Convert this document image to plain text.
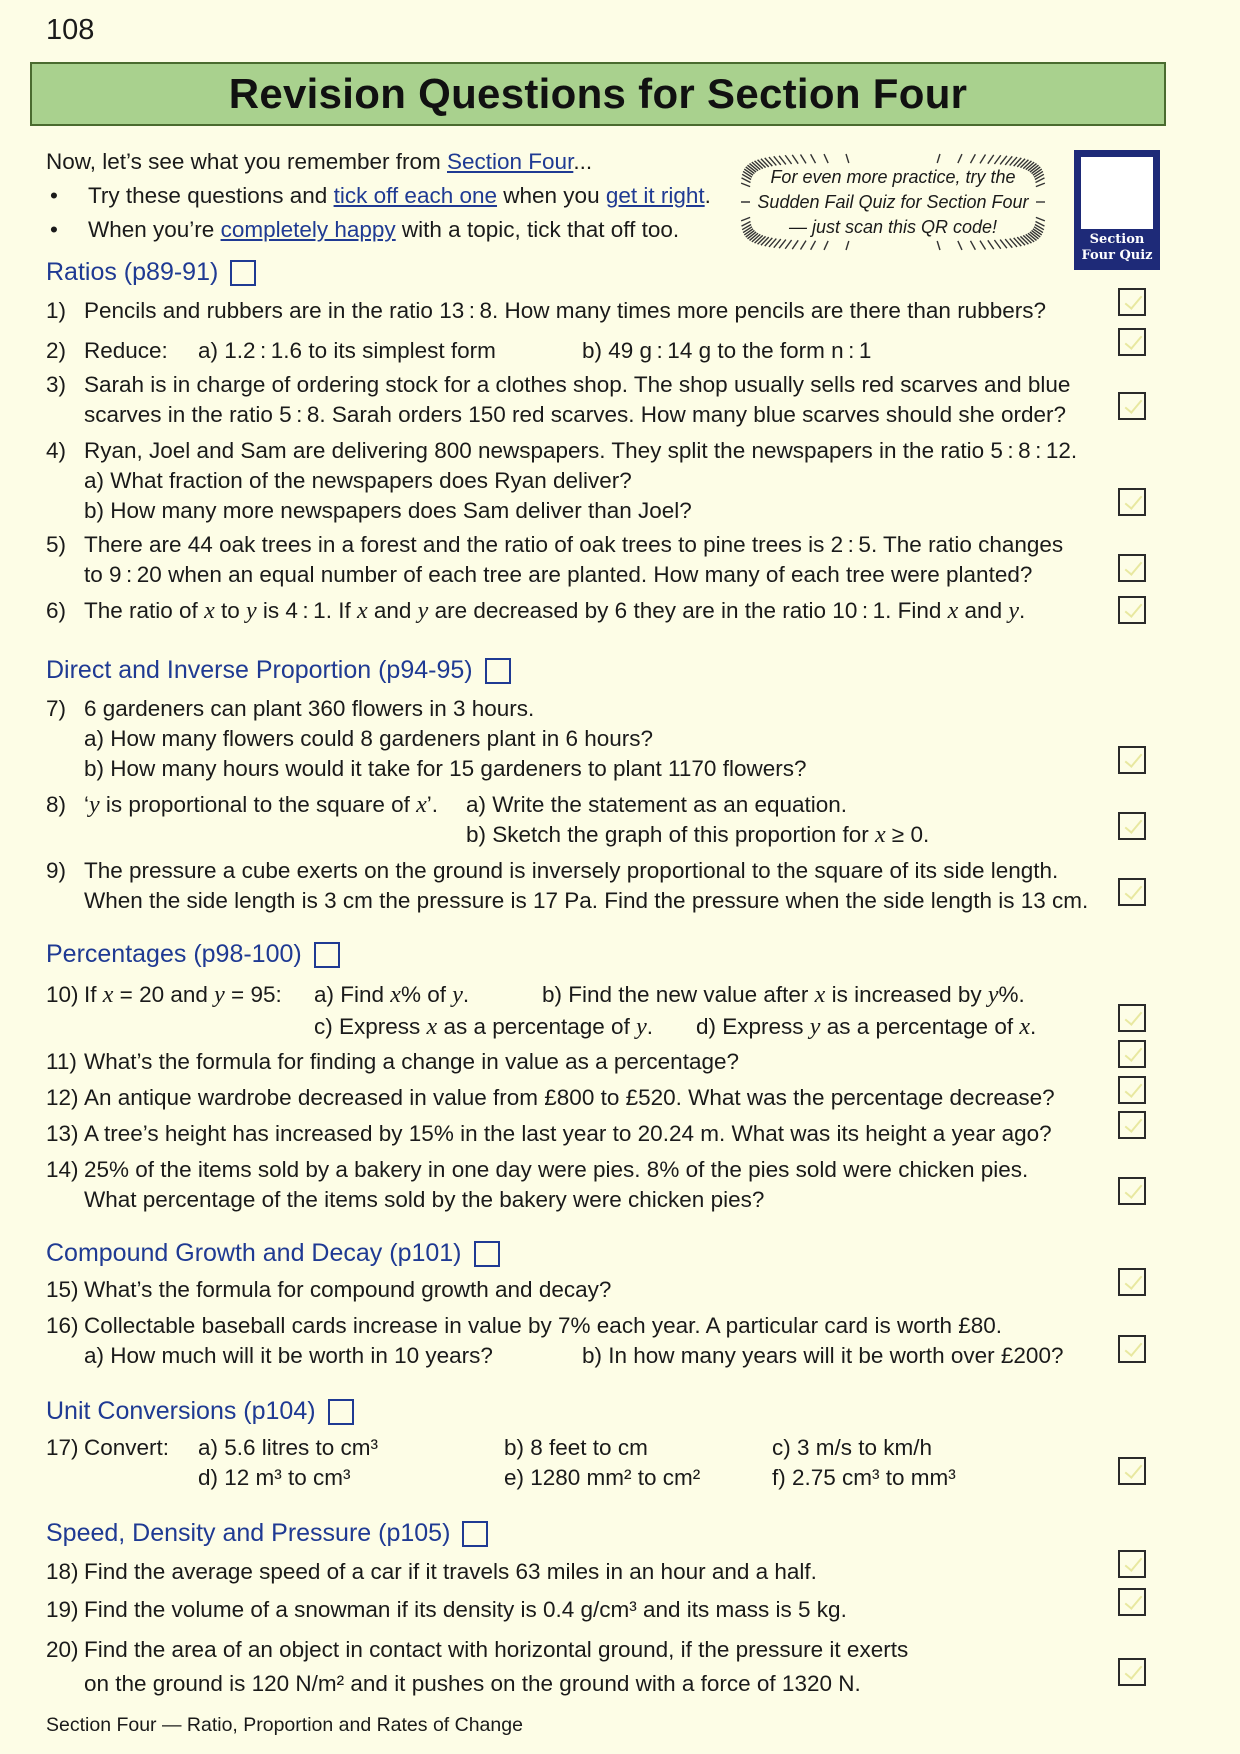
108
Revision Questions for Section Four
Now, let’s see what you remember from Section Four...
• Try these questions and tick off each one when you get it right.
• When you’re completely happy with a topic, tick that off too.
For even more practice, try the
Sudden Fail Quiz for Section Four
— just scan this QR code!
Section
Four Quiz
Ratios (p89-91)
1) Pencils and rubbers are in the ratio 13 : 8. How many times more pencils are there than rubbers?
2) Reduce: a) 1.2 : 1.6 to its simplest form	b) 49 g : 14 g to the form n : 1
3) Sarah is in charge of ordering stock for a clothes shop. The shop usually sells red scarves and blue
scarves in the ratio 5 : 8. Sarah orders 150 red scarves. How many blue scarves should she order?
4) Ryan, Joel and Sam are delivering 800 newspapers. They split the newspapers in the ratio 5 : 8 : 12.
a) What fraction of the newspapers does Ryan deliver?
b) How many more newspapers does Sam deliver than Joel?
5) There are 44 oak trees in a forest and the ratio of oak trees to pine trees is 2 : 5. The ratio changes
to 9 : 20 when an equal number of each tree are planted. How many of each tree were planted?
6) The ratio of x to y is 4 : 1. If x and y are decreased by 6 they are in the ratio 10 : 1. Find x and y.
Direct and Inverse Proportion (p94-95)
7) 6 gardeners can plant 360 flowers in 3 hours.
a) How many flowers could 8 gardeners plant in 6 hours?
b) How many hours would it take for 15 gardeners to plant 1170 flowers?
8) ‘y is proportional to the square of x’. a) Write the statement as an equation.
b) Sketch the graph of this proportion for x ≥ 0.
9) The pressure a cube exerts on the ground is inversely proportional to the square of its side length.
When the side length is 3 cm the pressure is 17 Pa. Find the pressure when the side length is 13 cm.
Percentages (p98-100)
10) If x = 20 and y = 95: a) Find x% of y.	b) Find the new value after x is increased by y%.
c) Express x as a percentage of y. d) Express y as a percentage of x.
11) What’s the formula for finding a change in value as a percentage?
12) An antique wardrobe decreased in value from £800 to £520. What was the percentage decrease?
13) A tree’s height has increased by 15% in the last year to 20.24 m. What was its height a year ago?
14) 25% of the items sold by a bakery in one day were pies. 8% of the pies sold were chicken pies.
What percentage of the items sold by the bakery were chicken pies?
Compound Growth and Decay (p101)
15) What’s the formula for compound growth and decay?
16) Collectable baseball cards increase in value by 7% each year. A particular card is worth £80.
a) How much will it be worth in 10 years?	b) In how many years will it be worth over £200?
Unit Conversions (p104)
17) Convert: a) 5.6 litres to cm³	b) 8 feet to cm	c) 3 m/s to km/h
d) 12 m³ to cm³	e) 1280 mm² to cm²	f) 2.75 cm³ to mm³
Speed, Density and Pressure (p105)
18) Find the average speed of a car if it travels 63 miles in an hour and a half.
19) Find the volume of a snowman if its density is 0.4 g/cm³ and its mass is 5 kg.
20) Find the area of an object in contact with horizontal ground, if the pressure it exerts
on the ground is 120 N/m² and it pushes on the ground with a force of 1320 N.
Section Four — Ratio, Proportion and Rates of Change
